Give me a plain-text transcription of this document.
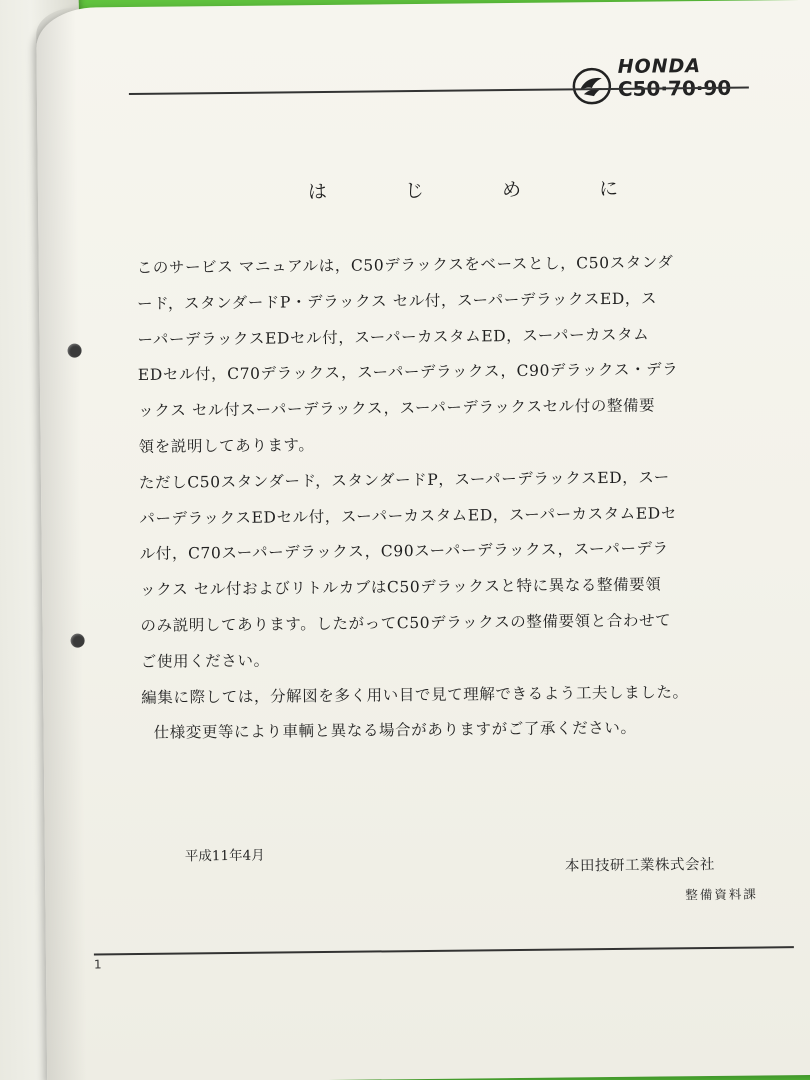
HONDA
C50·70·90
は じ め に

このサービス マニュアルは，C50デラックスをベースとし，C50スタンダ

ード，スタンダードP・デラックス セル付，スーパーデラックスED，ス

ーパーデラックスEDセル付，スーパーカスタムED，スーパーカスタム

EDセル付，C70デラックス，スーパーデラックス，C90デラックス・デラ

ックス セル付スーパーデラックス，スーパーデラックスセル付の整備要

領を説明してあります。

ただしC50スタンダード，スタンダードP，スーパーデラックスED，スー

パーデラックスEDセル付，スーパーカスタムED，スーパーカスタムEDセ

ル付，C70スーパーデラックス，C90スーパーデラックス，スーパーデラ

ックス セル付およびリトルカブはC50デラックスと特に異なる整備要領

のみ説明してあります。したがってC50デラックスの整備要領と合わせて

ご使用ください。

編集に際しては，分解図を多く用い目で見て理解できるよう工夫しました。

仕様変更等により車輌と異なる場合がありますがご了承ください。

平成11年4月
本田技研工業株式会社
整備資料課
1
